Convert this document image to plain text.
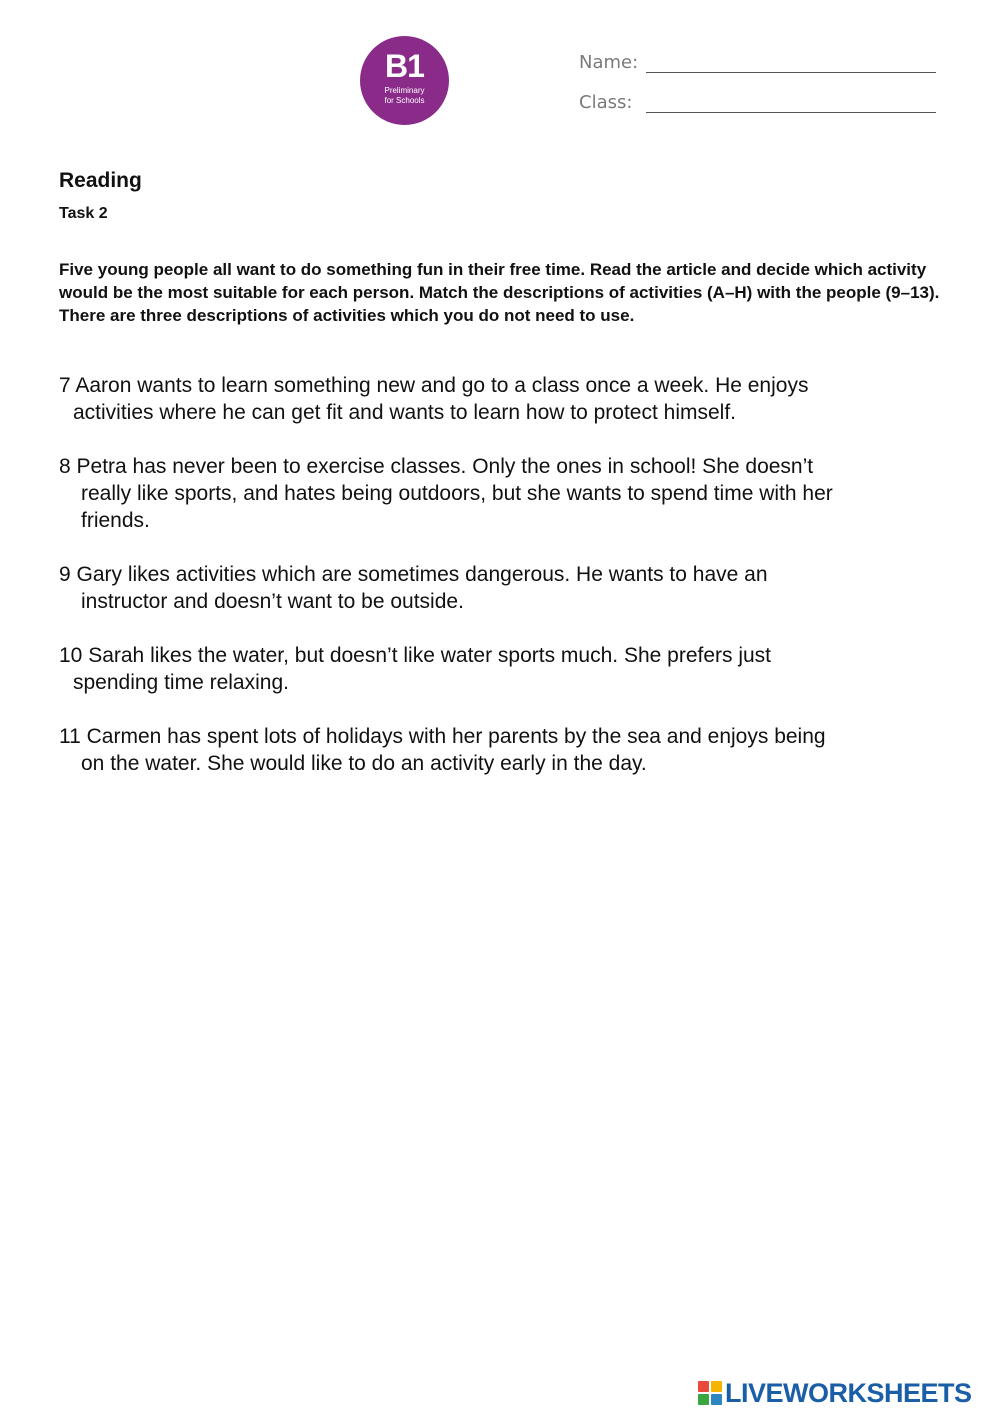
B1
Preliminary
for Schools
Name:
Class:
Reading
Task 2
Five young people all want to do something fun in their free time. Read the article and decide which activity would be the most suitable for each person. Match the descriptions of activities (A–H) with the people (9–13). There are three descriptions of activities which you do not need to use.
7 Aaron wants to learn something new and go to a class once a week. He enjoys
activities where he can get fit and wants to learn how to protect himself.
8 Petra has never been to exercise classes. Only the ones in school! She doesn’t
really like sports, and hates being outdoors, but she wants to spend time with her
friends.
9 Gary likes activities which are sometimes dangerous. He wants to have an
instructor and doesn’t want to be outside.
10 Sarah likes the water, but doesn’t like water sports much. She prefers just
spending time relaxing.
11 Carmen has spent lots of holidays with her parents by the sea and enjoys being
on the water. She would like to do an activity early in the day.
LIVEWORKSHEETS
